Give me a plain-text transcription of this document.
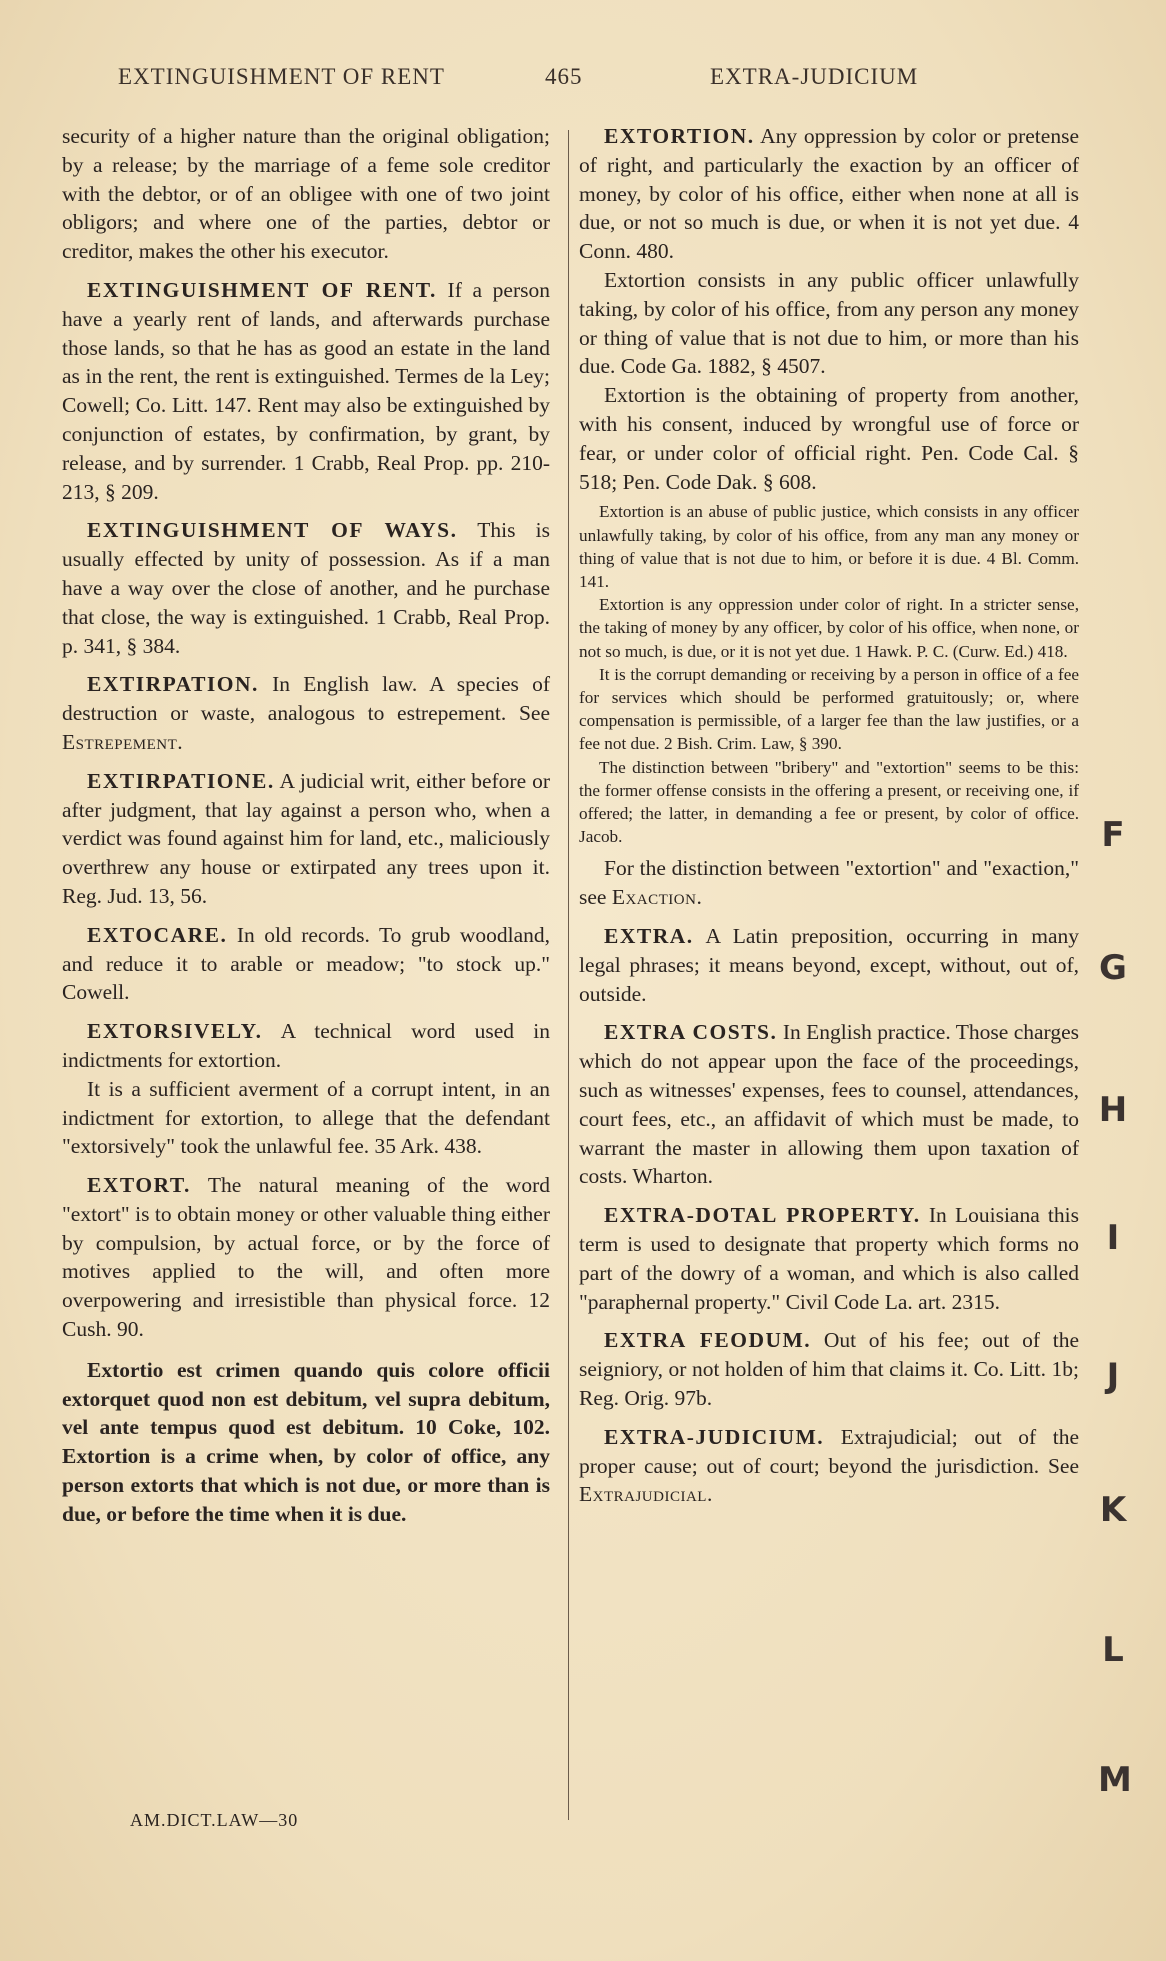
EXTINGUISHMENT OF RENT	465	EXTRA-JUDICIUM

security of a higher nature than the original obligation; by a release; by the marriage of a feme sole creditor with the debtor, or of an obligee with one of two joint obligors; and where one of the parties, debtor or creditor, makes the other his executor.

EXTINGUISHMENT OF RENT. If a person have a yearly rent of lands, and afterwards purchase those lands, so that he has as good an estate in the land as in the rent, the rent is extinguished. Termes de la Ley; Cowell; Co. Litt. 147. Rent may also be extinguished by conjunction of estates, by confirmation, by grant, by release, and by surrender. 1 Crabb, Real Prop. pp. 210-213, § 209.

EXTINGUISHMENT OF WAYS. This is usually effected by unity of possession. As if a man have a way over the close of another, and he purchase that close, the way is extinguished. 1 Crabb, Real Prop. p. 341, § 384.

EXTIRPATION. In English law. A species of destruction or waste, analogous to estrepement. See Estrepement.

EXTIRPATIONE. A judicial writ, either before or after judgment, that lay against a person who, when a verdict was found against him for land, etc., maliciously overthrew any house or extirpated any trees upon it. Reg. Jud. 13, 56.

EXTOCARE. In old records. To grub woodland, and reduce it to arable or meadow; "to stock up." Cowell.

EXTORSIVELY. A technical word used in indictments for extortion.

It is a sufficient averment of a corrupt intent, in an indictment for extortion, to allege that the defendant "extorsively" took the unlawful fee. 35 Ark. 438.

EXTORT. The natural meaning of the word "extort" is to obtain money or other valuable thing either by compulsion, by actual force, or by the force of motives applied to the will, and often more overpowering and irresistible than physical force. 12 Cush. 90.

Extortio est crimen quando quis colore officii extorquet quod non est debitum, vel supra debitum, vel ante tempus quod est debitum. 10 Coke, 102. Extortion is a crime when, by color of office, any person extorts that which is not due, or more than is due, or before the time when it is due.

AM.DICT.LAW—30

EXTORTION. Any oppression by color or pretense of right, and particularly the exaction by an officer of money, by color of his office, either when none at all is due, or not so much is due, or when it is not yet due. 4 Conn. 480.

Extortion consists in any public officer unlawfully taking, by color of his office, from any person any money or thing of value that is not due to him, or more than his due. Code Ga. 1882, § 4507.

Extortion is the obtaining of property from another, with his consent, induced by wrongful use of force or fear, or under color of official right. Pen. Code Cal. § 518; Pen. Code Dak. § 608.

Extortion is an abuse of public justice, which consists in any officer unlawfully taking, by color of his office, from any man any money or thing of value that is not due to him, or before it is due. 4 Bl. Comm. 141.

Extortion is any oppression under color of right. In a stricter sense, the taking of money by any officer, by color of his office, when none, or not so much, is due, or it is not yet due. 1 Hawk. P. C. (Curw. Ed.) 418.

It is the corrupt demanding or receiving by a person in office of a fee for services which should be performed gratuitously; or, where compensation is permissible, of a larger fee than the law justifies, or a fee not due. 2 Bish. Crim. Law, § 390.

The distinction between "bribery" and "extortion" seems to be this: the former offense consists in the offering a present, or receiving one, if offered; the latter, in demanding a fee or present, by color of office. Jacob.

For the distinction between "extortion" and "exaction," see Exaction.

EXTRA. A Latin preposition, occurring in many legal phrases; it means beyond, except, without, out of, outside.

EXTRA COSTS. In English practice. Those charges which do not appear upon the face of the proceedings, such as witnesses' expenses, fees to counsel, attendances, court fees, etc., an affidavit of which must be made, to warrant the master in allowing them upon taxation of costs. Wharton.

EXTRA-DOTAL PROPERTY. In Louisiana this term is used to designate that property which forms no part of the dowry of a woman, and which is also called "paraphernal property." Civil Code La. art. 2315.

EXTRA FEODUM. Out of his fee; out of the seigniory, or not holden of him that claims it. Co. Litt. 1b; Reg. Orig. 97b.

EXTRA-JUDICIUM. Extrajudicial; out of the proper cause; out of court; beyond the jurisdiction. See Extrajudicial.

F
G
H
I
J
K
L
M
